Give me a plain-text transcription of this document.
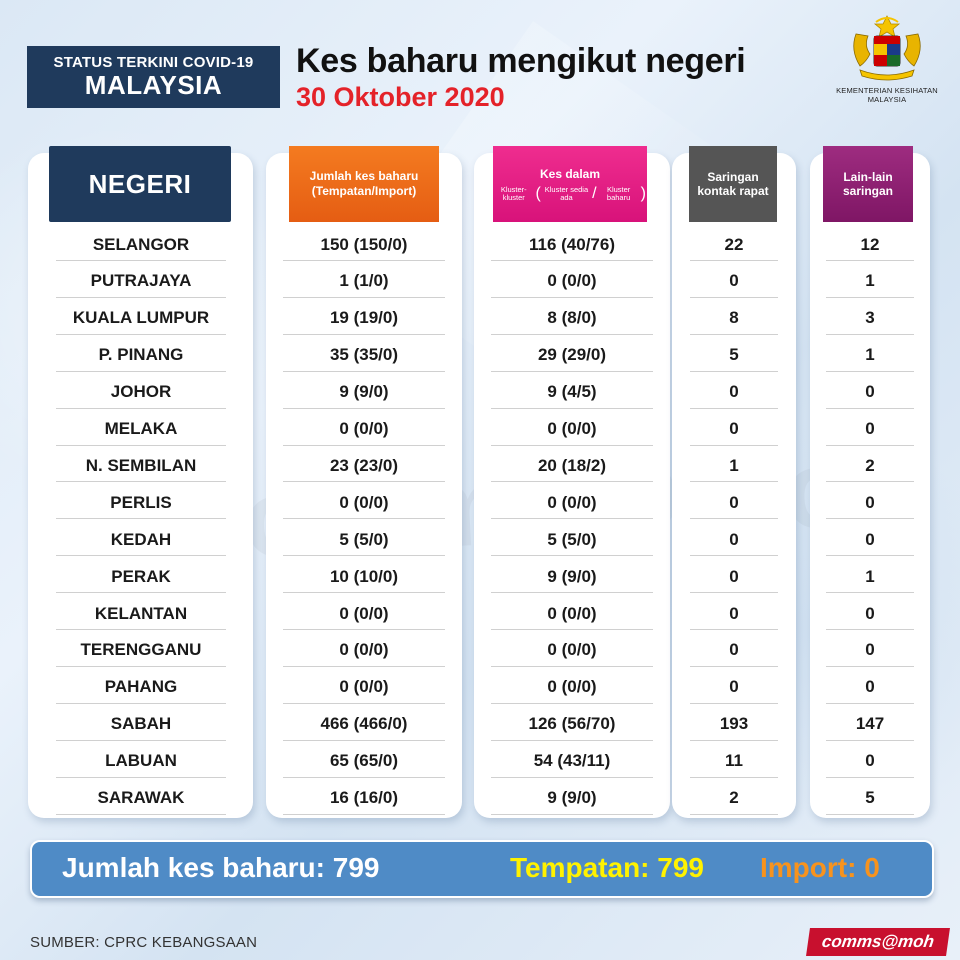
STATUS TERKINI COVID-19
MALAYSIA
Kes baharu mengikut negeri
30 Oktober 2020	KEMENTERIAN KESIHATAN MALAYSIA
NEGERI	Jumlah kes baharu (Tempatan/Import)
Kes dalam
Kluster-kluster ( Kluster sedia ada	/	Kluster baharu )
Saringan kontak rapat
Lain-lain saringan
SELANGOR	150 (150/0)	116 (40/76)	22	12
PUTRAJAYA	1 (1/0)	0 (0/0)	0	1
KUALA LUMPUR	19 (19/0)	8 (8/0)	8	3
P. PINANG	35 (35/0)	29 (29/0)	5	1
JOHOR	9 (9/0)	9 (4/5)	0	0
MELAKA	0 (0/0)	0 (0/0)	0	0
N. SEMBILAN	23 (23/0)	20 (18/2)	1	2
PERLIS	0 (0/0)	0 (0/0)	0	0
KEDAH	5 (5/0)	5 (5/0)	0	0
PERAK	10 (10/0)	9 (9/0)	0	1
KELANTAN	0 (0/0)	0 (0/0)	0	0
TERENGGANU	0 (0/0)	0 (0/0)	0	0
PAHANG	0 (0/0)	0 (0/0)	0	0
SABAH	466 (466/0)	126 (56/70)	193	147
LABUAN	65 (65/0)	54 (43/11)	11	0
SARAWAK	16 (16/0)	9 (9/0)	2	5
Jumlah kes baharu: 799	Tempatan: 799 Import: 0
SUMBER: CPRC KEBANGSAAN	comms@moh
